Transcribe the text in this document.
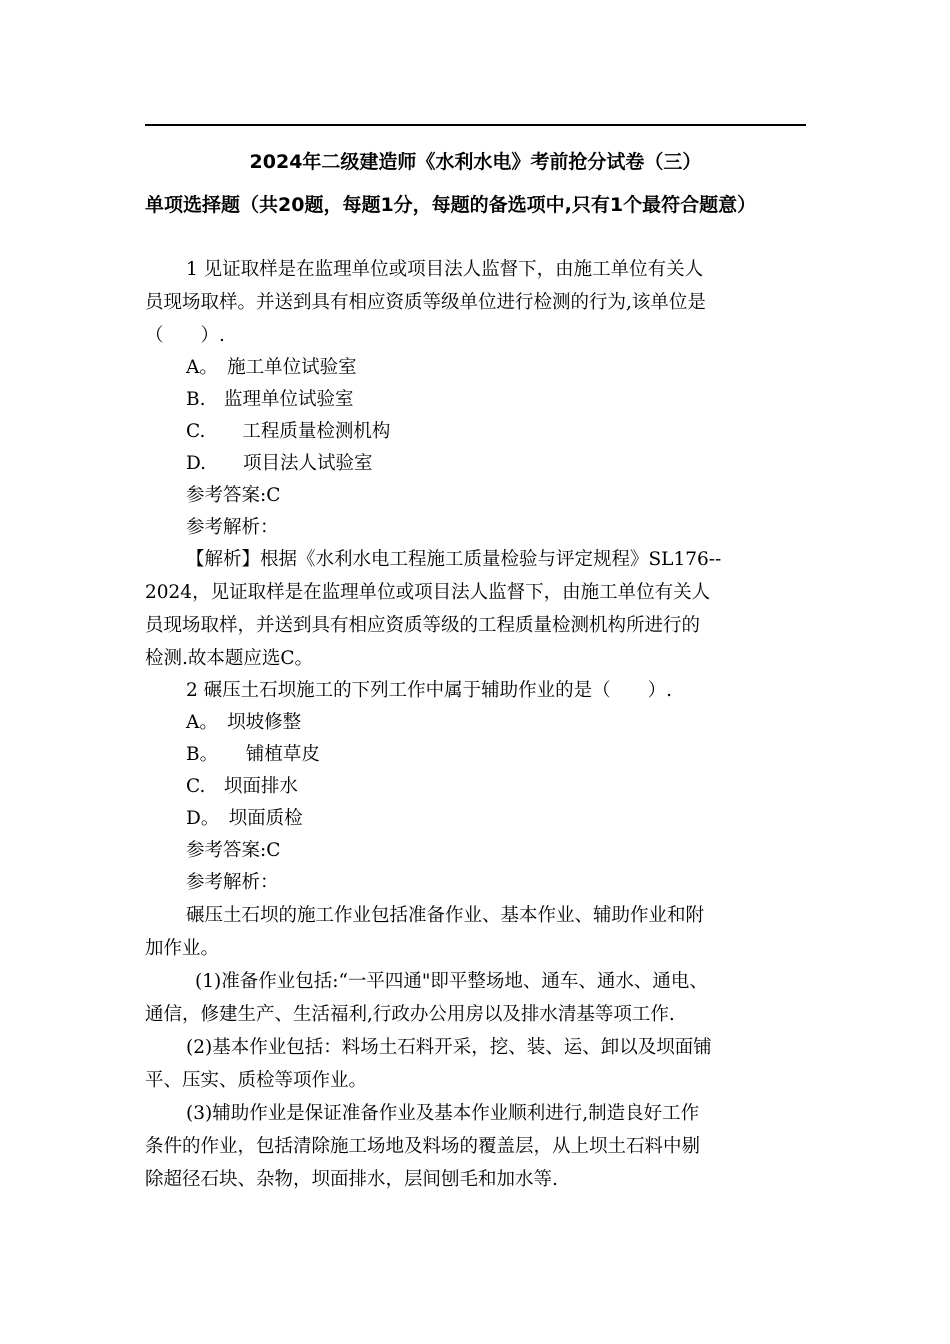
2024年二级建造师《水利水电》考前抢分试卷（三）
单项选择题（共20题，每题1分，每题的备选项中,只有1个最符合题意）
1 见证取样是在监理单位或项目法人监督下，由施工单位有关人
员现场取样。并送到具有相应资质等级单位进行检测的行为,该单位是
（　　）.
A。　施工单位试验室
B.　监理单位试验室
C.　　工程质量检测机构
D.　　项目法人试验室
参考答案:C
参考解析：
【解析】根据《水利水电工程施工质量检验与评定规程》SL176--
2024，见证取样是在监理单位或项目法人监督下，由施工单位有关人
员现场取样，并送到具有相应资质等级的工程质量检测机构所进行的
检测.故本题应选C。
2 碾压土石坝施工的下列工作中属于辅助作业的是（　　）.
A。　坝坡修整
B。　　铺植草皮
C.　坝面排水
D。　坝面质检
参考答案:C
参考解析：
碾压土石坝的施工作业包括准备作业、基本作业、辅助作业和附
加作业。
(1)准备作业包括:“一平四通"即平整场地、通车、通水、通电、
通信，修建生产、生活福利,行政办公用房以及排水清基等项工作.
(2)基本作业包括：料场土石料开采，挖、装、运、卸以及坝面铺
平、压实、质检等项作业。
(3)辅助作业是保证准备作业及基本作业顺利进行,制造良好工作
条件的作业，包括清除施工场地及料场的覆盖层，从上坝土石料中剔
除超径石块、杂物，坝面排水，层间刨毛和加水等.
